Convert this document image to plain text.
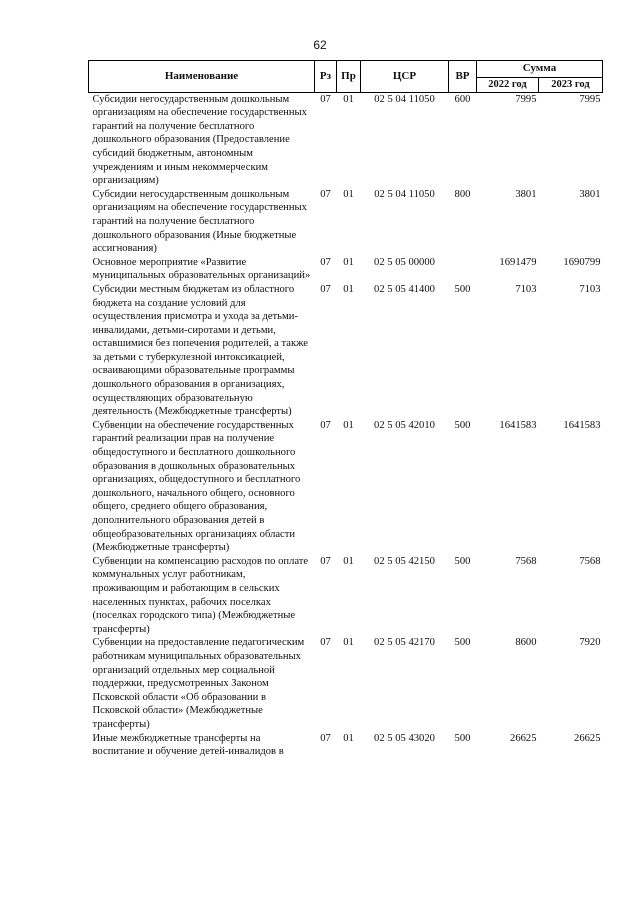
62
Наименование	Рз	Пр	ЦСР	ВР	Сумма	
					2022 год	2023 год
Субсидии негосударственным дошкольным организациям на обеспечение государственных гарантий на получение бесплатного дошкольного образования (Предоставление субсидий бюджетным, автономным учреждениям и иным некоммерческим организациям)	07	01	02 5 04 11050	600	7995	7995
Субсидии негосударственным дошкольным организациям на обеспечение государственных гарантий на получение бесплатного дошкольного образования (Иные бюджетные ассигнования)	07	01	02 5 04 11050	800	3801	3801
Основное мероприятие «Развитие муниципальных образовательных организаций»	07	01	02 5 05 00000		1691479	1690799
Субсидии местным бюджетам из областного бюджета на создание условий для осуществления присмотра и ухода за детьми-инвалидами, детьми-сиротами и детьми, оставшимися без попечения родителей, а также за детьми с туберкулезной интоксикацией, осваивающими образовательные программы дошкольного образования в организациях, осуществляющих образовательную деятельность (Межбюджетные трансферты)	07	01	02 5 05 41400	500	7103	7103
Субвенции на обеспечение государственных гарантий реализации прав на получение общедоступного и бесплатного дошкольного образования в дошкольных образовательных организациях, общедоступного и бесплатного дошкольного, начального общего, основного общего, среднего общего образования, дополнительного образования детей в общеобразовательных организациях области (Межбюджетные трансферты)	07	01	02 5 05 42010	500	1641583	1641583
Субвенции на компенсацию расходов по оплате коммунальных услуг работникам, проживающим и работающим в сельских населенных пунктах, рабочих поселках (поселках городского типа) (Межбюджетные трансферты)	07	01	02 5 05 42150	500	7568	7568
Субвенции на предоставление педагогическим работникам муниципальных образовательных организаций отдельных мер социальной поддержки, предусмотренных Законом Псковской области «Об образовании в Псковской области» (Межбюджетные трансферты)	07	01	02 5 05 42170	500	8600	7920
Иные межбюджетные трансферты на воспитание и обучение детей-инвалидов в	07	01	02 5 05 43020	500	26625	26625
